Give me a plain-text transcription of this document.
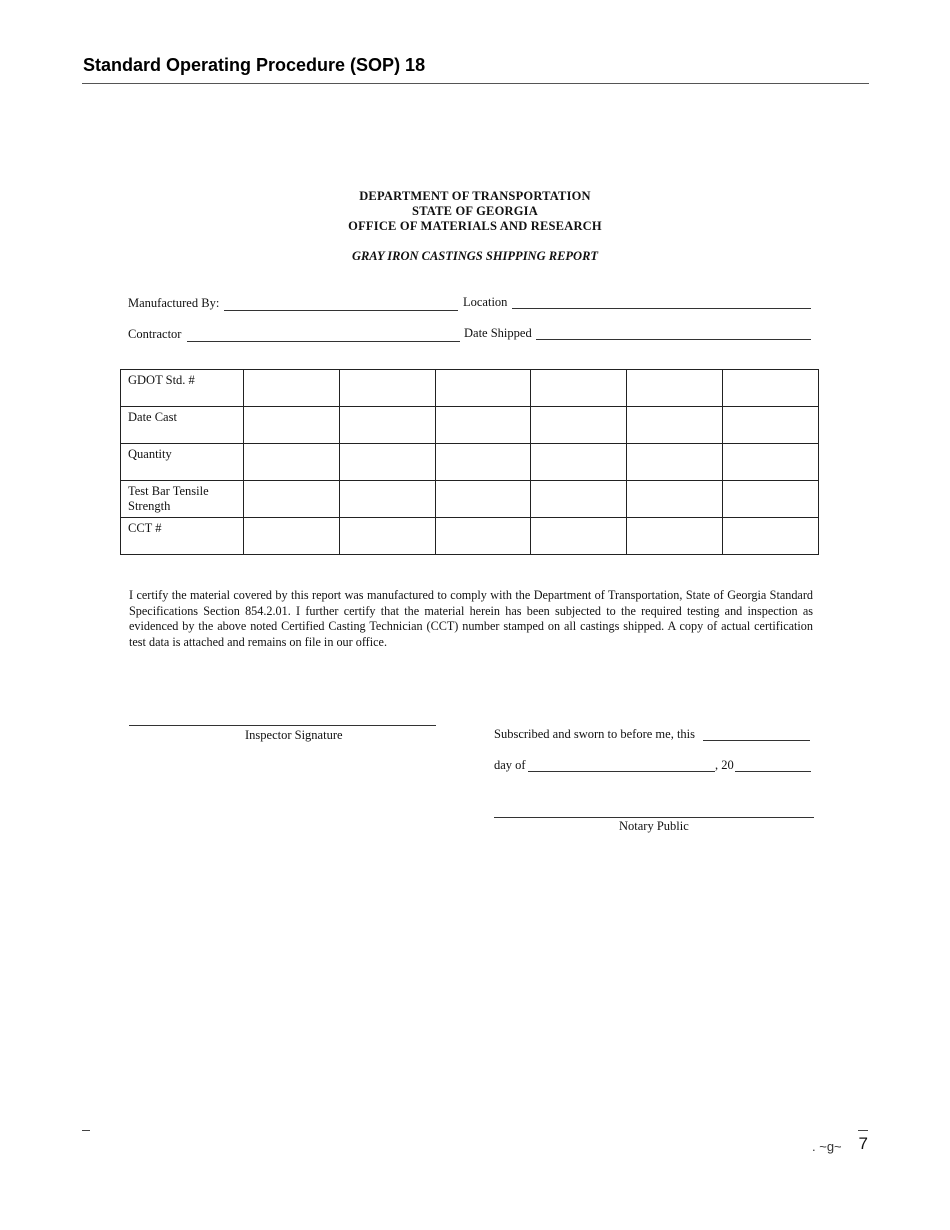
Standard Operating Procedure (SOP) 18
DEPARTMENT OF TRANSPORTATION
STATE OF GEORGIA
OFFICE OF MATERIALS AND RESEARCH
GRAY IRON CASTINGS SHIPPING REPORT
Manufactured By:	Location
Contractor	Date Shipped
GDOT Std. #						
Date Cast						
Quantity						
Test Bar Tensile Strength						
CCT #						
I certify the material covered by this report was manufactured to comply with the Department of Transportation, State of Georgia Standard Specifications Section 854.2.01. I further certify that the material herein has been subjected to the required testing and inspection as evidenced by the above noted Certified Casting Technician (CCT) number stamped on all castings shipped. A copy of actual certification test data is attached and remains on file in our office.
Inspector Signature	Subscribed and sworn to before me, this
day of	, 20
Notary Public
. ~g~ 7
